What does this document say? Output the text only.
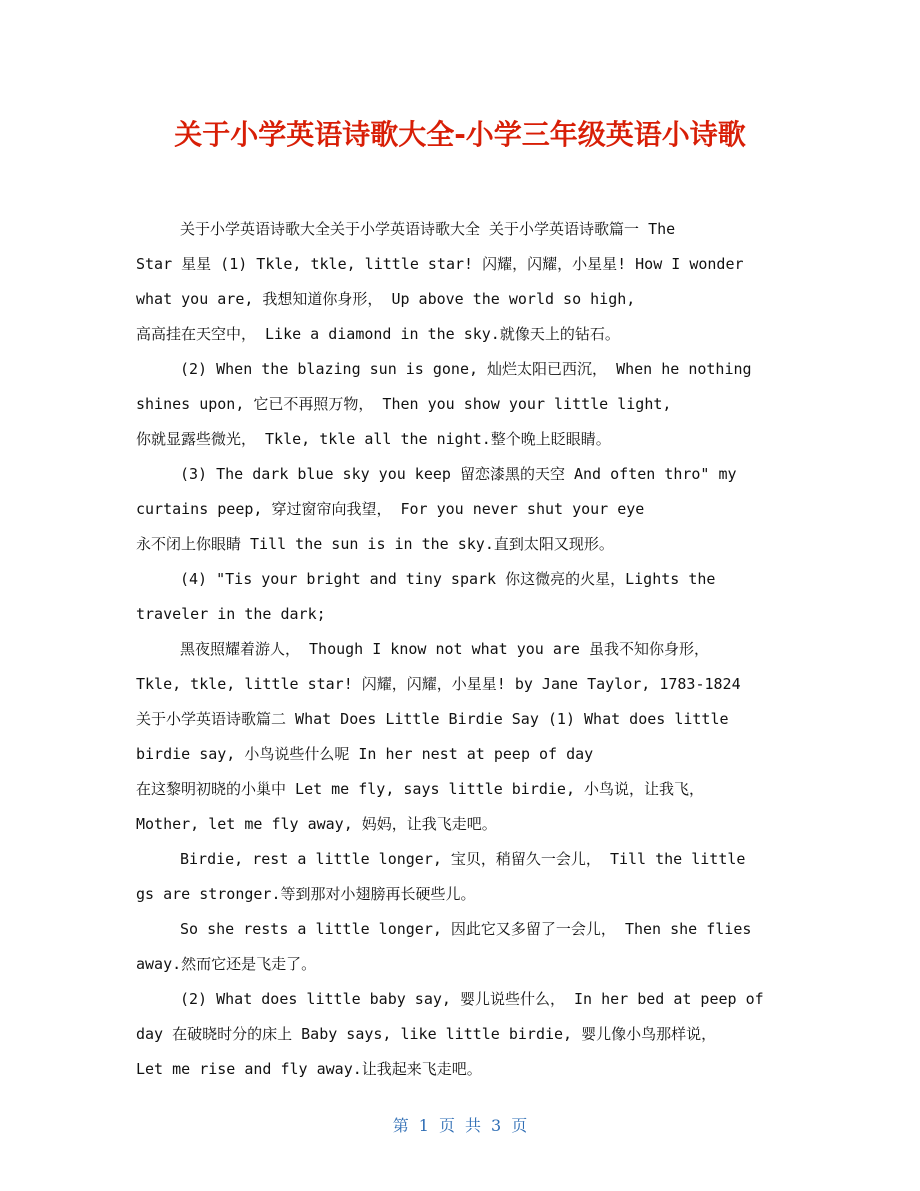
关于小学英语诗歌大全-小学三年级英语小诗歌
关于小学英语诗歌大全关于小学英语诗歌大全 关于小学英语诗歌篇一 The
Star 星星 (1) Tkle, tkle, little star! 闪耀，闪耀，小星星! How I wonder
what you are, 我想知道你身形， Up above the world so high,
高高挂在天空中， Like a diamond in the sky.就像天上的钻石。
(2) When the blazing sun is gone, 灿烂太阳已西沉， When he nothing
shines upon, 它已不再照万物， Then you show your little light,
你就显露些微光， Tkle, tkle all the night.整个晚上眨眼睛。
(3) The dark blue sky you keep 留恋漆黑的天空 And often thro" my
curtains peep, 穿过窗帘向我望， For you never shut your eye
永不闭上你眼睛 Till the sun is in the sky.直到太阳又现形。
(4) "Tis your bright and tiny spark 你这微亮的火星，Lights the
traveler in the dark;
黑夜照耀着游人， Though I know not what you are 虽我不知你身形，
Tkle, tkle, little star! 闪耀，闪耀，小星星! by Jane Taylor, 1783-1824
关于小学英语诗歌篇二 What Does Little Birdie Say (1) What does little
birdie say, 小鸟说些什么呢 In her nest at peep of day
在这黎明初晓的小巢中 Let me fly, says little birdie, 小鸟说，让我飞，
Mother, let me fly away, 妈妈，让我飞走吧。
Birdie, rest a little longer, 宝贝，稍留久一会儿， Till the little
gs are stronger.等到那对小翅膀再长硬些儿。
So she rests a little longer, 因此它又多留了一会儿， Then she flies
away.然而它还是飞走了。
(2) What does little baby say, 婴儿说些什么， In her bed at peep of
day 在破晓时分的床上 Baby says, like little birdie, 婴儿像小鸟那样说，
Let me rise and fly away.让我起来飞走吧。
第 1 页 共 3 页
